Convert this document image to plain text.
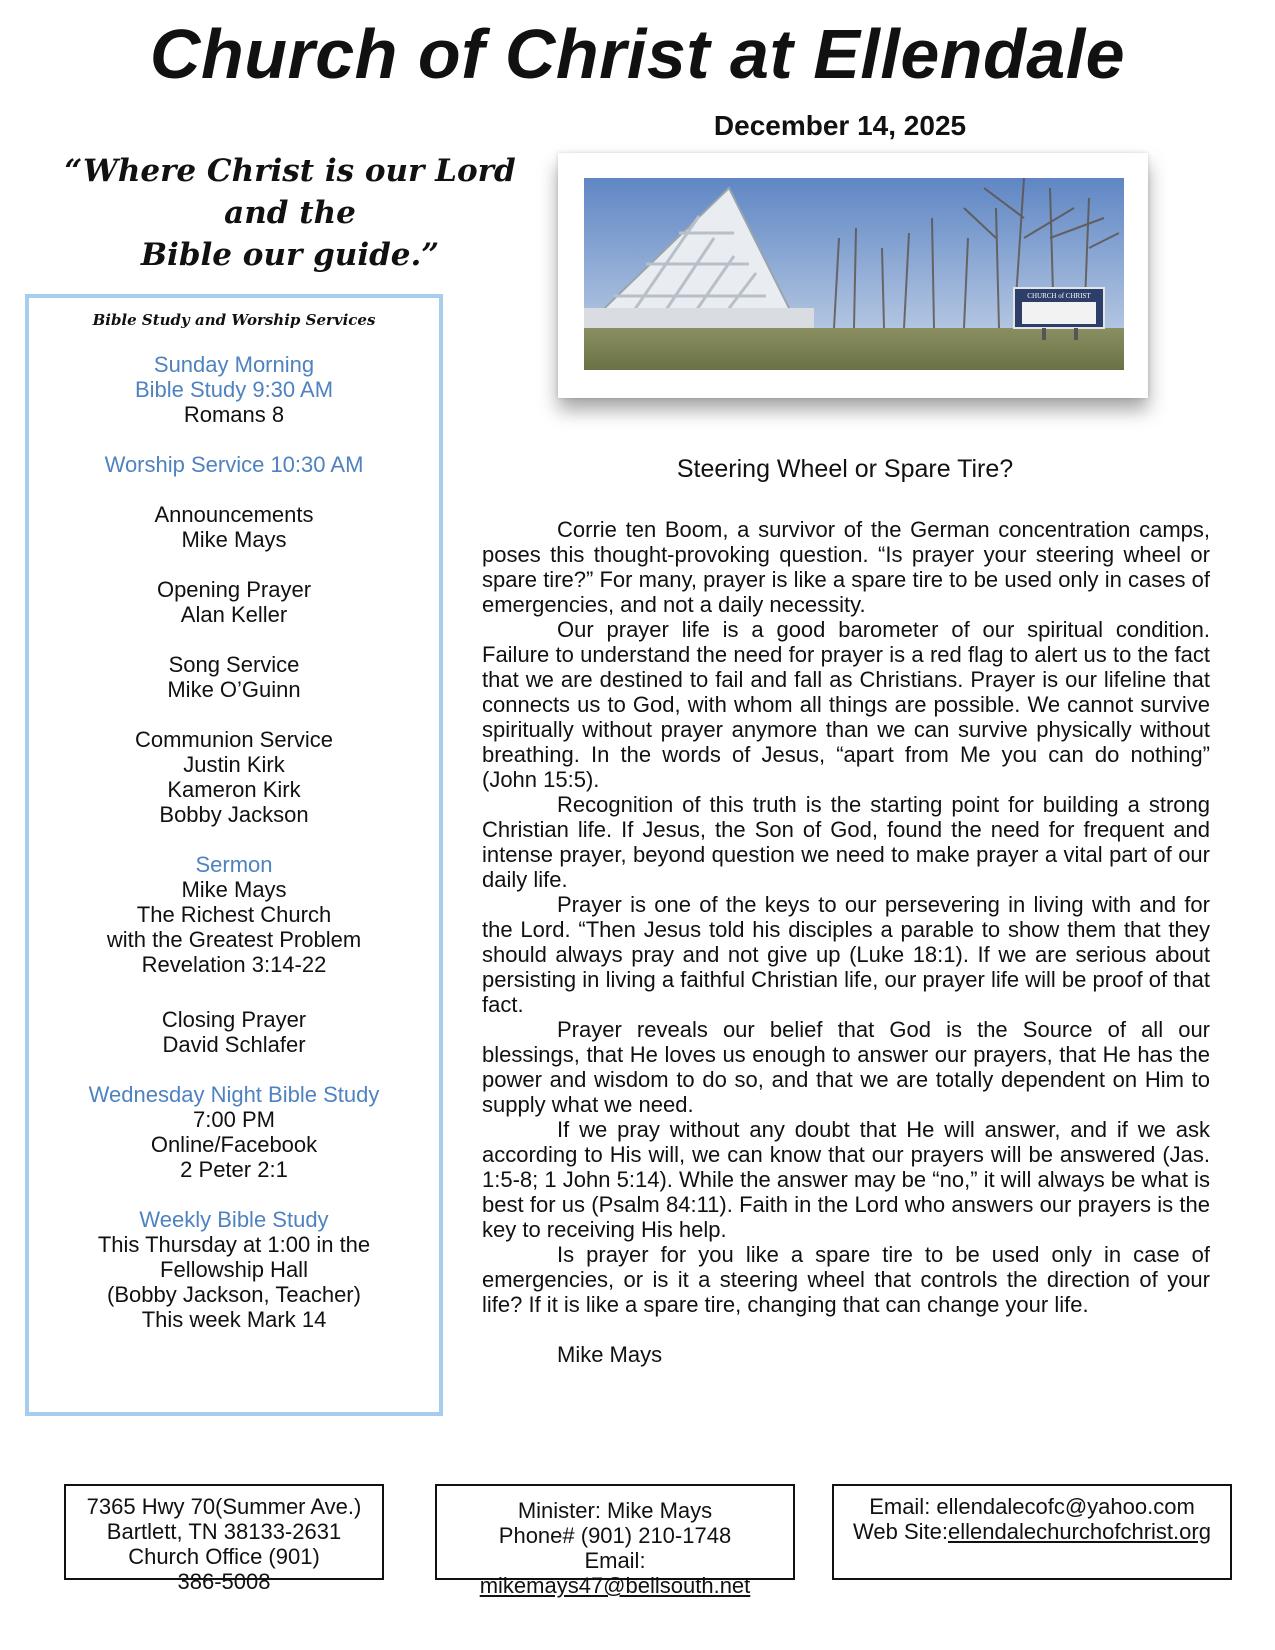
Church of Christ at Ellendale
December 14, 2025
“Where Christ is our Lord and the
Bible our guide.”
CHURCH of CHRIST
Bible Study and Worship Services

Sunday Morning

Bible Study 9:30 AM

Romans 8

Worship Service 10:30 AM

Announcements

Mike Mays

Opening Prayer

Alan Keller

Song Service

Mike O’Guinn

Communion Service

Justin Kirk

Kameron Kirk

Bobby Jackson

Sermon

Mike Mays

The Richest Church

with the Greatest Problem

Revelation 3:14-22

Closing Prayer

David Schlafer

Wednesday Night Bible Study

7:00 PM

Online/Facebook

2 Peter 2:1

Weekly Bible Study

This Thursday at 1:00 in the

Fellowship Hall

(Bobby Jackson, Teacher)

This week Mark 14

Steering Wheel or Spare Tire?

Corrie ten Boom, a survivor of the German concentration camps, poses this thought-provoking question. “Is prayer your steering wheel or spare tire?” For many, prayer is like a spare tire to be used only in cases of emergencies, and not a daily necessity.

Our prayer life is a good barometer of our spiritual condition. Failure to understand the need for prayer is a red flag to alert us to the fact that we are destined to fail and fall as Christians. Prayer is our lifeline that connects us to God, with whom all things are possible. We cannot survive spiritually without prayer anymore than we can survive physically without breathing. In the words of Jesus, “apart from Me you can do nothing” (John 15:5).

Recognition of this truth is the starting point for building a strong Christian life. If Jesus, the Son of God, found the need for frequent and intense prayer, beyond question we need to make prayer a vital part of our daily life.

Prayer is one of the keys to our persevering in living with and for the Lord. “Then Jesus told his disciples a parable to show them that they should always pray and not give up (Luke 18:1). If we are serious about persisting in living a faithful Christian life, our prayer life will be proof of that fact.

Prayer reveals our belief that God is the Source of all our blessings, that He loves us enough to answer our prayers, that He has the power and wisdom to do so, and that we are totally dependent on Him to supply what we need.

If we pray without any doubt that He will answer, and if we ask according to His will, we can know that our prayers will be answered (Jas. 1:5-8; 1 John 5:14). While the answer may be “no,” it will always be what is best for us (Psalm 84:11). Faith in the Lord who answers our prayers is the key to receiving His help.

Is prayer for you like a spare tire to be used only in case of emergencies, or is it a steering wheel that controls the direction of your life? If it is like a spare tire, changing that can change your life.

Mike Mays

7365 Hwy 70(Summer Ave.)

Bartlett, TN 38133-2631

Church Office (901)

386-5008

Minister: Mike Mays

Phone# (901) 210-1748

Email:

mikemays47@bellsouth.net

Email: ellendalecofc@yahoo.com

Web Site:ellendalechurchofchrist.org
